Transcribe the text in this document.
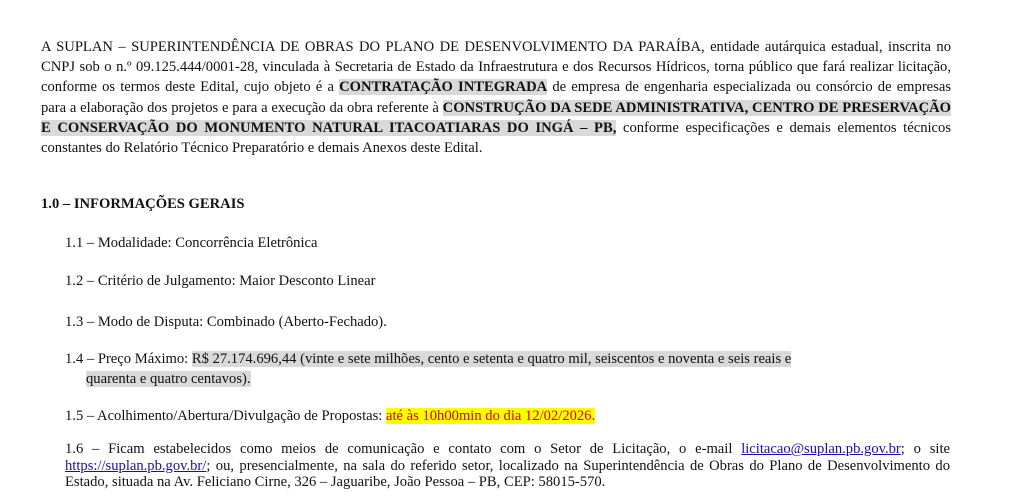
A SUPLAN – SUPERINTENDÊNCIA DE OBRAS DO PLANO DE DESENVOLVIMENTO DA PARAÍBA, entidade autárquica estadual, inscrita no CNPJ sob o n.º 09.125.444/0001-28, vinculada à Secretaria de Estado da Infraestrutura e dos Recursos Hídricos, torna público que fará realizar licitação, conforme os termos deste Edital, cujo objeto é a CONTRATAÇÃO INTEGRADA de empresa de engenharia especializada ou consórcio de empresas para a elaboração dos projetos e para a execução da obra referente à CONSTRUÇÃO DA SEDE ADMINISTRATIVA, CENTRO DE PRESERVAÇÃO E CONSERVAÇÃO DO MONUMENTO NATURAL ITACOATIARAS DO INGÁ – PB, conforme especificações e demais elementos técnicos constantes do Relatório Técnico Preparatório e demais Anexos deste Edital.

1.0 – INFORMAÇÕES GERAIS

1.1 – Modalidade: Concorrência Eletrônica

1.2 – Critério de Julgamento: Maior Desconto Linear

1.3 – Modo de Disputa: Combinado (Aberto-Fechado).

1.4 – Preço Máximo: R$ 27.174.696,44 (vinte e sete milhões, cento e setenta e quatro mil, seiscentos e noventa e seis reais e
quarenta e quatro centavos).

1.5 – Acolhimento/Abertura/Divulgação de Propostas: até às 10h00min do dia 12/02/2026.

1.6 – Ficam estabelecidos como meios de comunicação e contato com o Setor de Licitação, o e-mail licitacao@suplan.pb.gov.br; o site https://suplan.pb.gov.br/; ou, presencialmente, na sala do referido setor, localizado na Superintendência de Obras do Plano de Desenvolvimento do Estado, situada na Av. Feliciano Cirne, 326 – Jaguaribe, João Pessoa – PB, CEP: 58015-570.
